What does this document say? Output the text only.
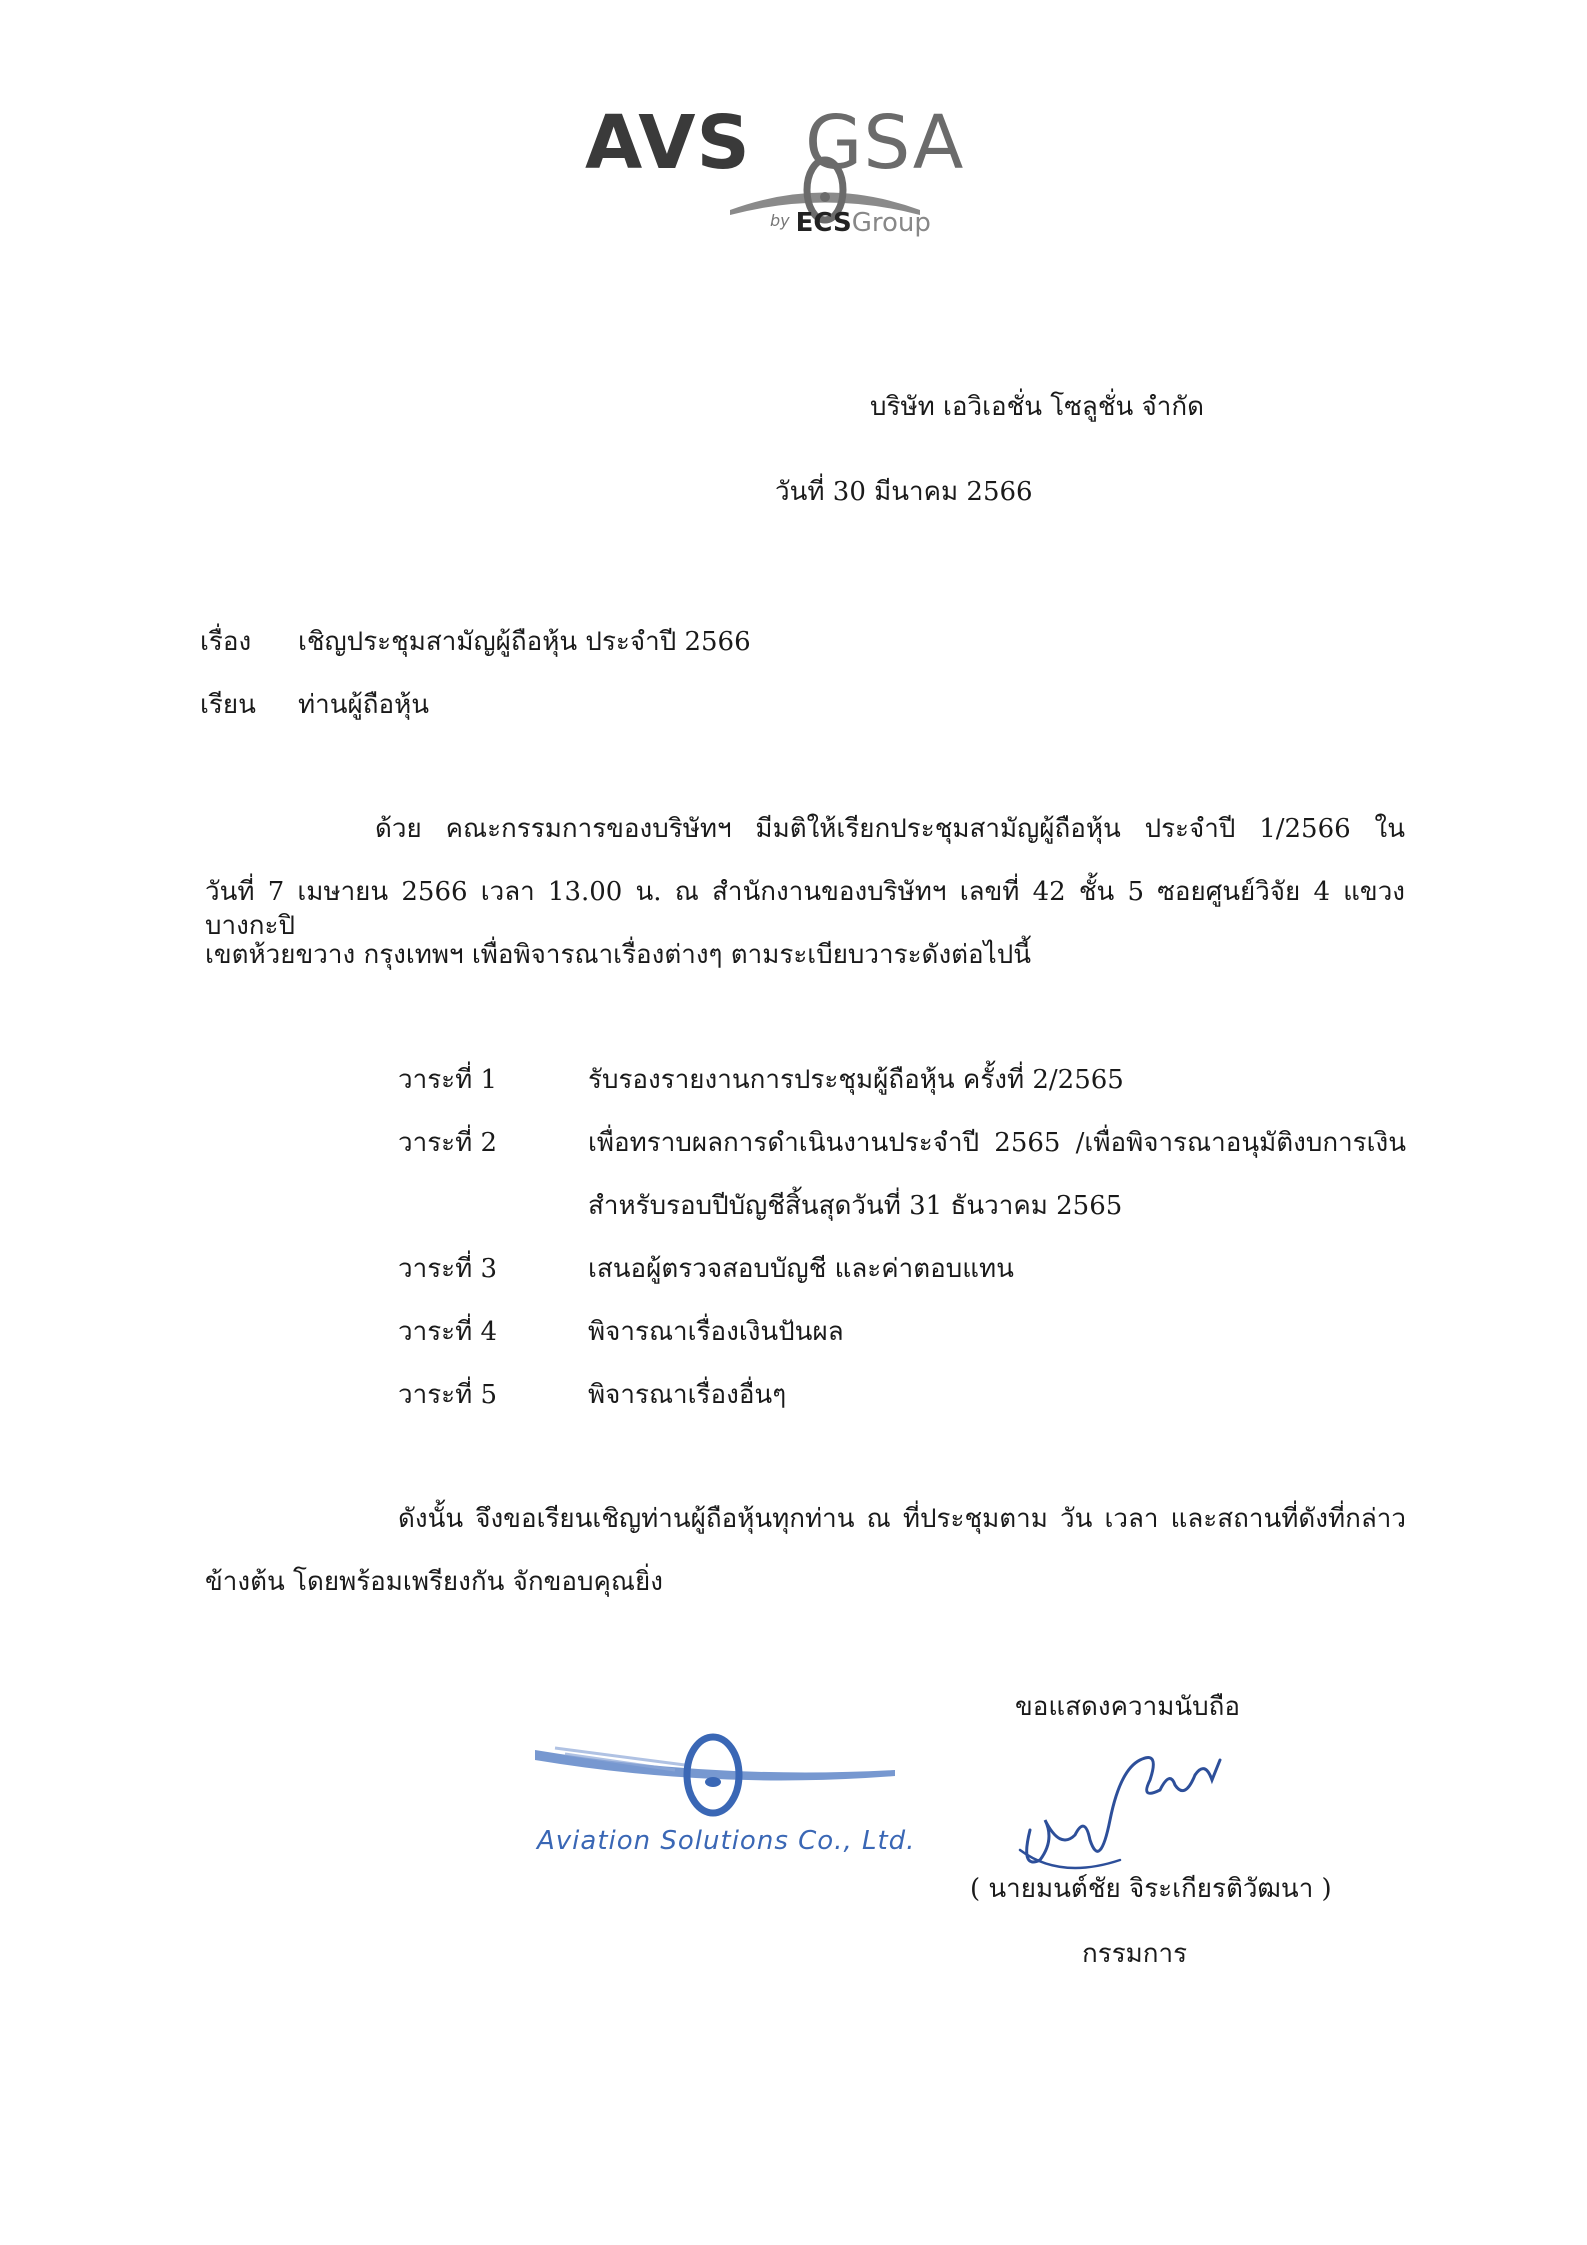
AVS GSA
by ECSGroup
บริษัท เอวิเอชั่น โซลูชั่น จำกัด
วันที่ 30 มีนาคม 2566
เรื่อง เชิญประชุมสามัญผู้ถือหุ้น ประจำปี 2566
เรียน ท่านผู้ถือหุ้น
ด้วย คณะกรรมการของบริษัทฯ มีมติให้เรียกประชุมสามัญผู้ถือหุ้น ประจำปี 1/2566 ใน
วันที่ 7 เมษายน 2566 เวลา 13.00 น. ณ สำนักงานของบริษัทฯ เลขที่ 42 ชั้น 5 ซอยศูนย์วิจัย 4 แขวงบางกะปิ
เขตห้วยขวาง กรุงเทพฯ เพื่อพิจารณาเรื่องต่างๆ ตามระเบียบวาระดังต่อไปนี้
วาระที่ 1	รับรองรายงานการประชุมผู้ถือหุ้น ครั้งที่ 2/2565
วาระที่ 2	เพื่อทราบผลการดำเนินงานประจำปี 2565 /เพื่อพิจารณาอนุมัติงบการเงิน
สำหรับรอบปีบัญชีสิ้นสุดวันที่ 31 ธันวาคม 2565
วาระที่ 3	เสนอผู้ตรวจสอบบัญชี และค่าตอบแทน
วาระที่ 4	พิจารณาเรื่องเงินปันผล
วาระที่ 5	พิจารณาเรื่องอื่นๆ
ดังนั้น จึงขอเรียนเชิญท่านผู้ถือหุ้นทุกท่าน ณ ที่ประชุมตาม วัน เวลา และสถานที่ดังที่กล่าว
ข้างต้น โดยพร้อมเพรียงกัน จักขอบคุณยิ่ง
ขอแสดงความนับถือ
Aviation Solutions Co., Ltd.
( นายมนต์ชัย จิระเกียรติวัฒนา )
กรรมการ
